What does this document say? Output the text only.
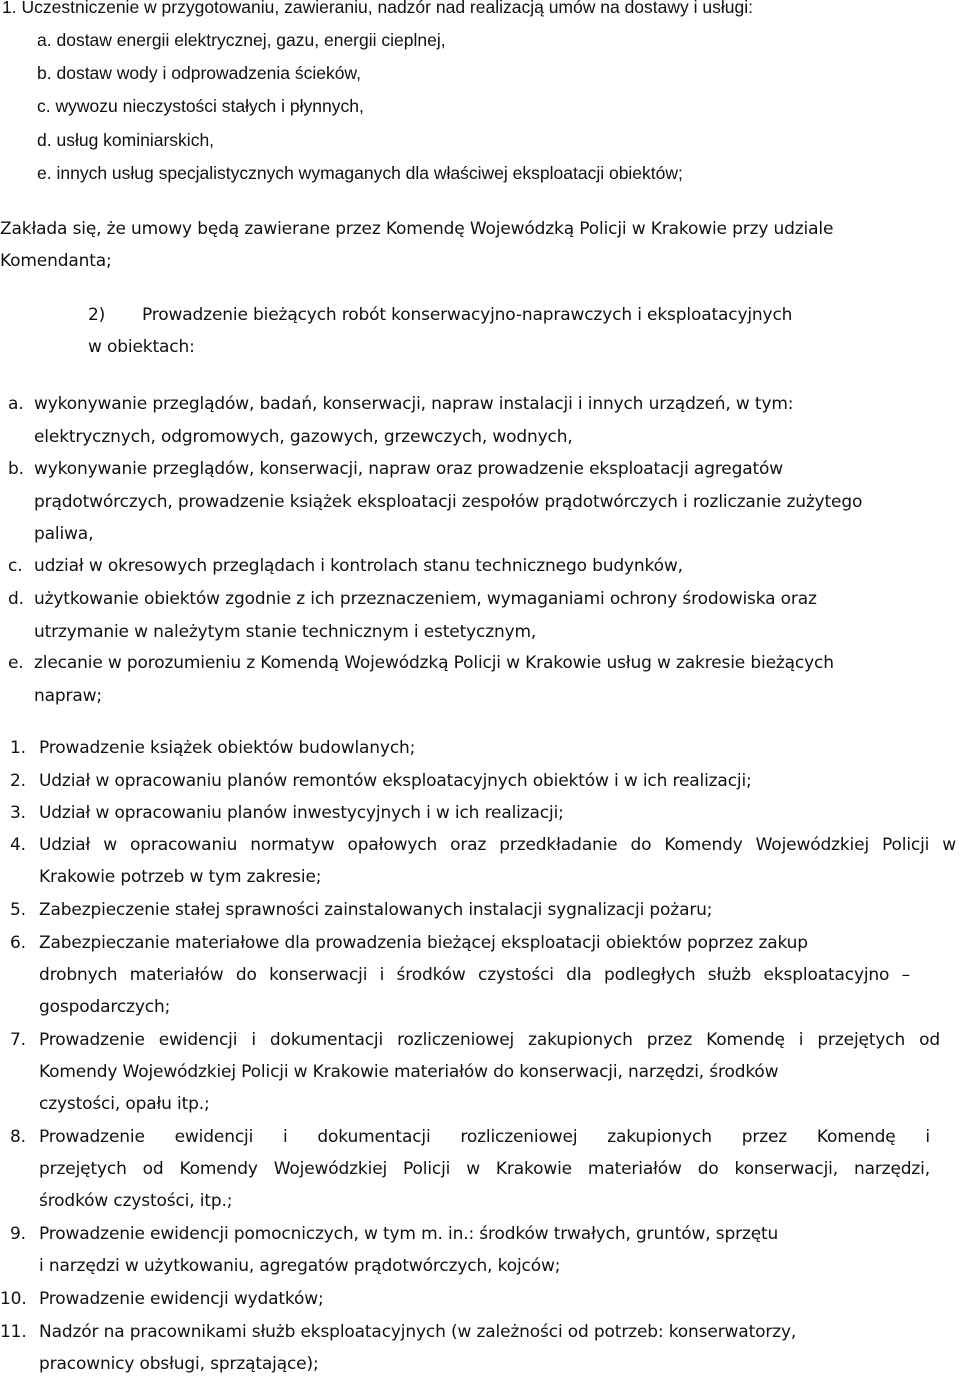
1. Uczestniczenie w przygotowaniu, zawieraniu, nadzór nad realizacją umów na dostawy i usługi:
a. dostaw energii elektrycznej, gazu, energii cieplnej,
b. dostaw wody i odprowadzenia ścieków,
c. wywozu nieczystości stałych i płynnych,
d. usług kominiarskich,
e. innych usług specjalistycznych wymaganych dla właściwej eksploatacji obiektów;
Zakłada się, że umowy będą zawierane przez Komendę Wojewódzką Policji w Krakowie przy udziale
Komendanta;
2) Prowadzenie bieżących robót konserwacyjno-naprawczych i eksploatacyjnych
w obiektach:
a. wykonywanie przeglądów, badań, konserwacji, napraw instalacji i innych urządzeń, w tym:
elektrycznych, odgromowych, gazowych, grzewczych, wodnych,
b. wykonywanie przeglądów, konserwacji, napraw oraz prowadzenie eksploatacji agregatów
prądotwórczych, prowadzenie książek eksploatacji zespołów prądotwórczych i rozliczanie zużytego
paliwa,
c. udział w okresowych przeglądach i kontrolach stanu technicznego budynków,
d. użytkowanie obiektów zgodnie z ich przeznaczeniem, wymaganiami ochrony środowiska oraz
utrzymanie w należytym stanie technicznym i estetycznym,
e. zlecanie w porozumieniu z Komendą Wojewódzką Policji w Krakowie usług w zakresie bieżących
napraw;
1. Prowadzenie książek obiektów budowlanych;
2. Udział w opracowaniu planów remontów eksploatacyjnych obiektów i w ich realizacji;
3. Udział w opracowaniu planów inwestycyjnych i w ich realizacji;
4. Udział w opracowaniu normatyw opałowych oraz przedkładanie do Komendy Wojewódzkiej Policji w
Krakowie potrzeb w tym zakresie;
5. Zabezpieczenie stałej sprawności zainstalowanych instalacji sygnalizacji pożaru;
6. Zabezpieczanie materiałowe dla prowadzenia bieżącej eksploatacji obiektów poprzez zakup
drobnych materiałów do konserwacji i środków czystości dla podległych służb eksploatacyjno –
gospodarczych;
7. Prowadzenie ewidencji i dokumentacji rozliczeniowej zakupionych przez Komendę i przejętych od
Komendy Wojewódzkiej Policji w Krakowie materiałów do konserwacji, narzędzi, środków
czystości, opału itp.;
8. Prowadzenie ewidencji i dokumentacji rozliczeniowej zakupionych przez Komendę i
przejętych od Komendy Wojewódzkiej Policji w Krakowie materiałów do konserwacji, narzędzi,
środków czystości, itp.;
9. Prowadzenie ewidencji pomocniczych, w tym m. in.: środków trwałych, gruntów, sprzętu
i narzędzi w użytkowaniu, agregatów prądotwórczych, kojców;
10. Prowadzenie ewidencji wydatków;
11. Nadzór na pracownikami służb eksploatacyjnych (w zależności od potrzeb: konserwatorzy,
pracownicy obsługi, sprzątające);
